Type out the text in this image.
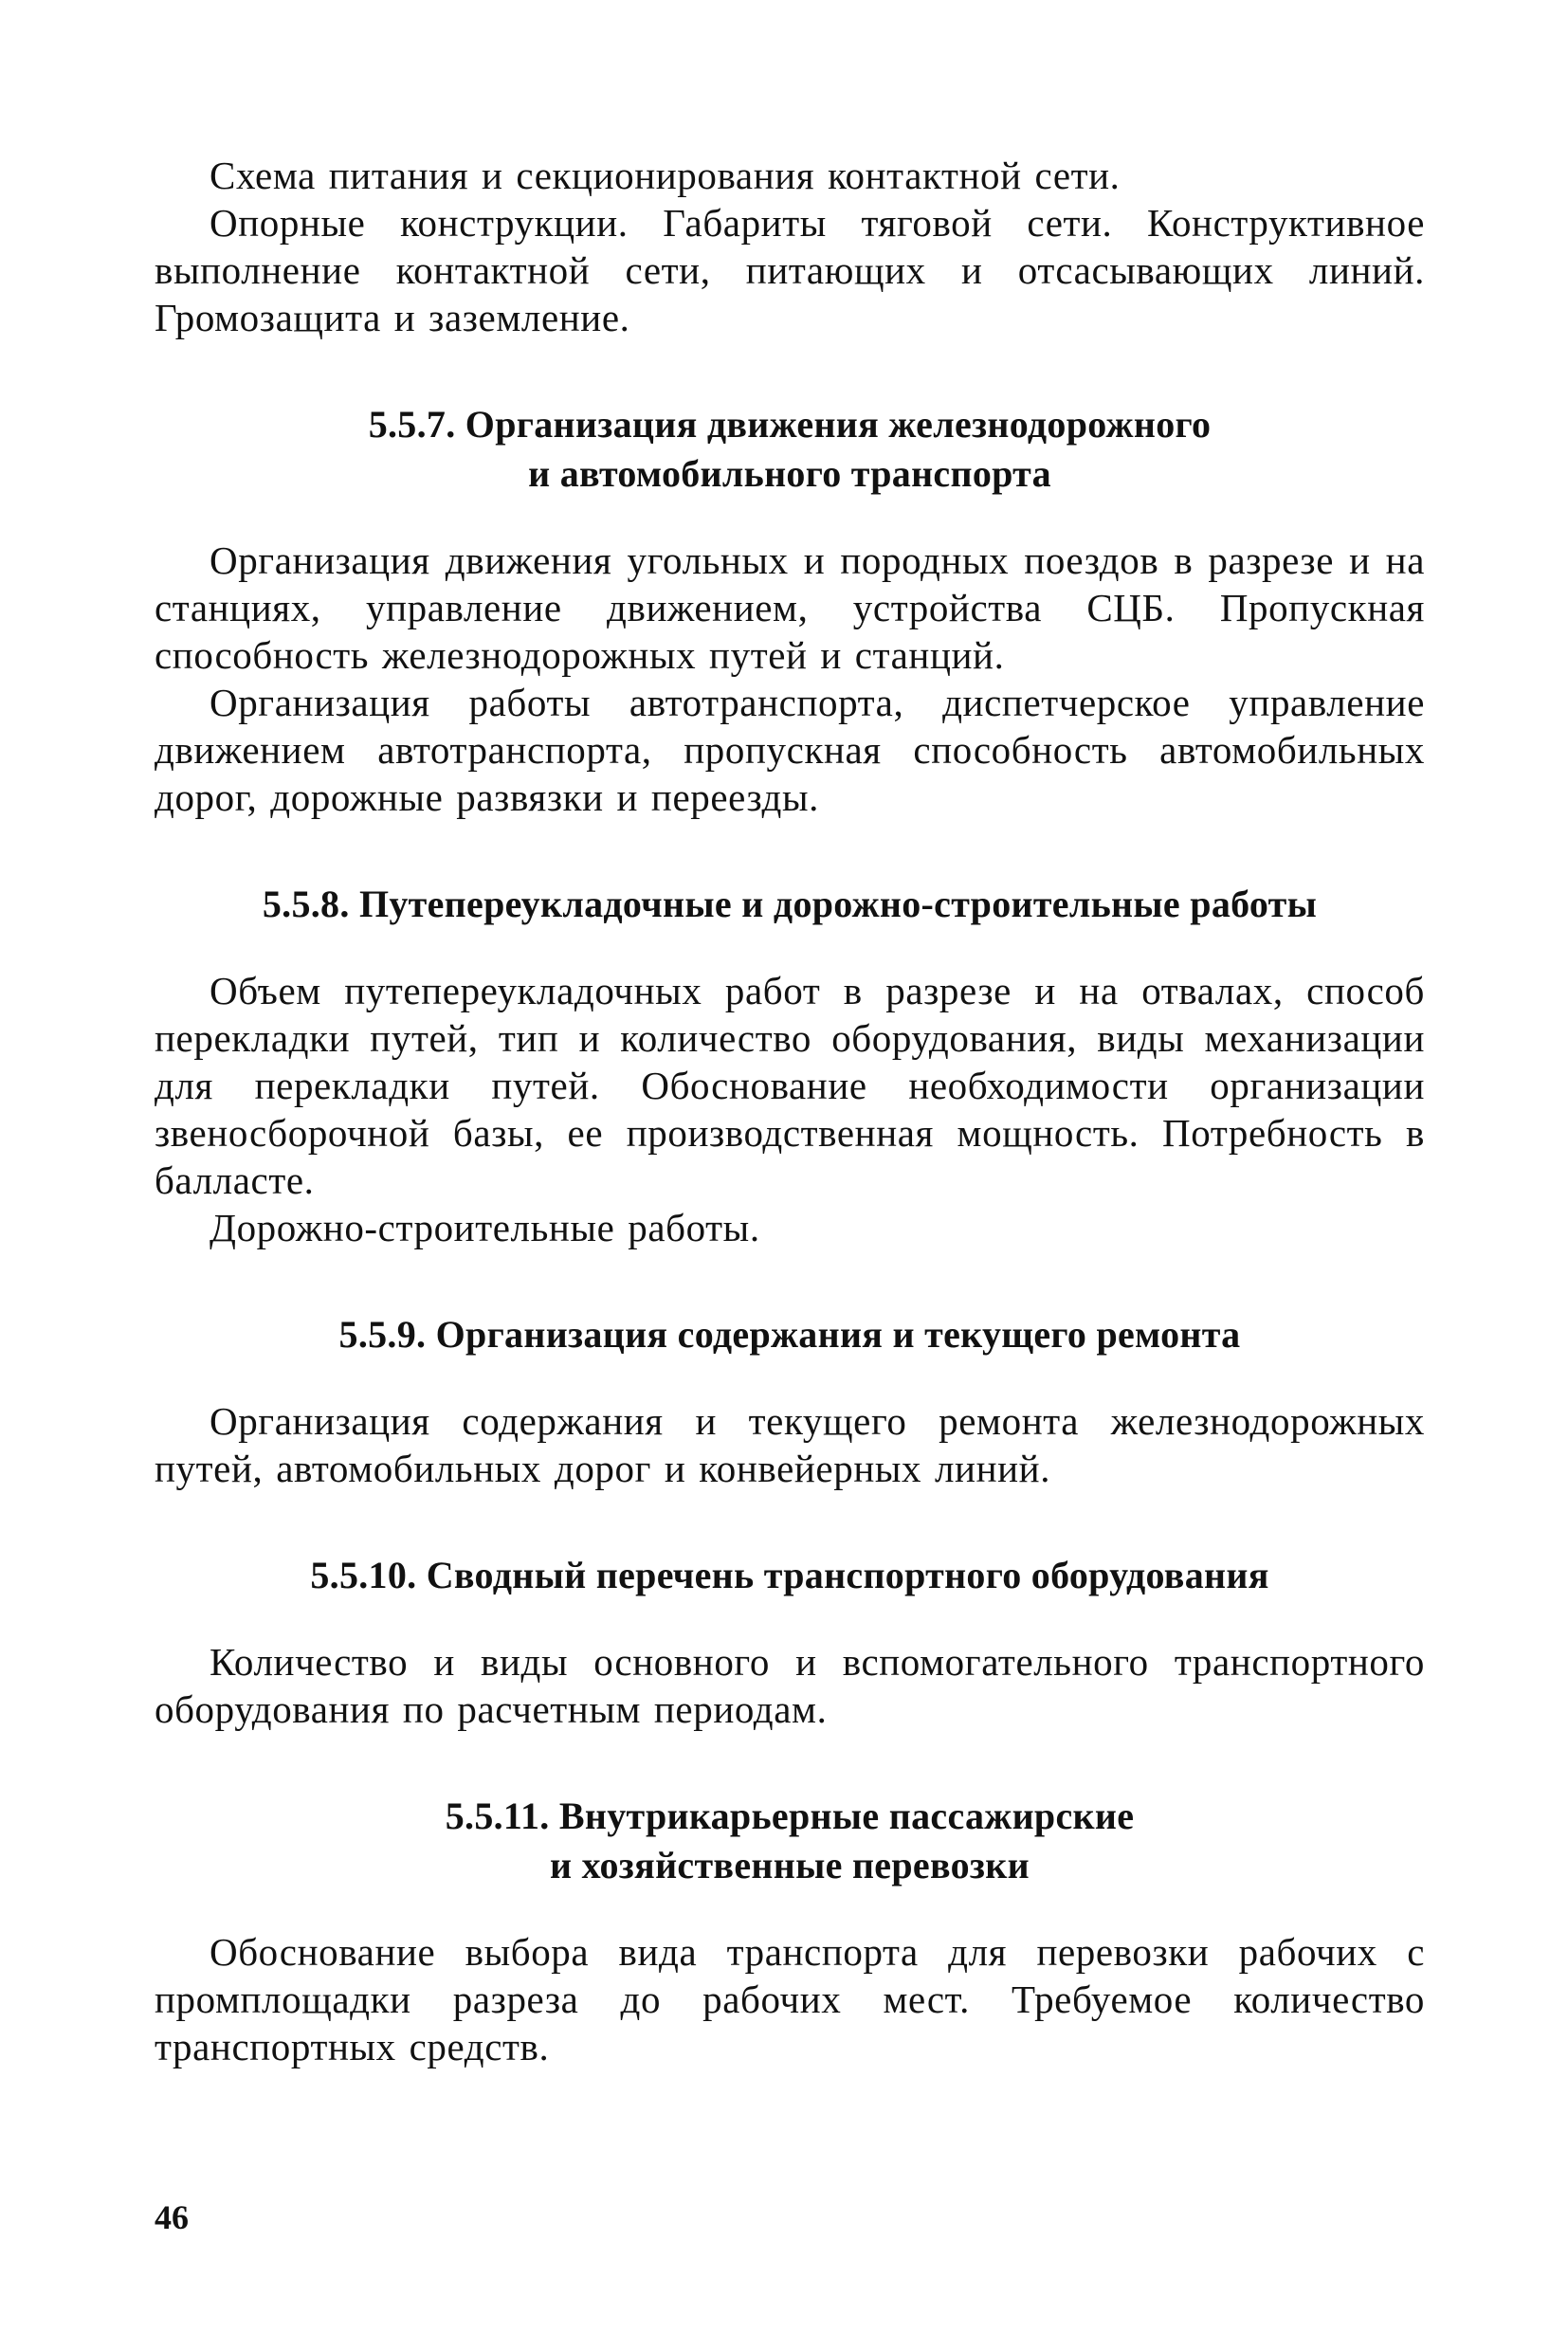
Схема питания и секционирования контактной сети.

Опорные конструкции. Габариты тяговой сети. Конструктивное выполнение контактной сети, питающих и отсасывающих линий. Громозащита и заземление.

5.5.7. Организация движения железнодорожного
и автомобильного транспорта

Организация движения угольных и породных поездов в разрезе и на станциях, управление движением, устройства СЦБ. Пропускная способность железнодорожных путей и станций.

Организация работы автотранспорта, диспетчерское управление движением автотранспорта, пропускная способность автомобильных дорог, дорожные развязки и переезды.

5.5.8. Путепереукладочные и дорожно-строительные работы

Объем путепереукладочных работ в разрезе и на отвалах, способ перекладки путей, тип и количество оборудования, виды механизации для перекладки путей. Обоснование необходимости организации звеносборочной базы, ее производственная мощность. Потребность в балласте.

Дорожно-строительные работы.

5.5.9. Организация содержания и текущего ремонта

Организация содержания и текущего ремонта железнодорожных путей, автомобильных дорог и конвейерных линий.

5.5.10. Сводный перечень транспортного оборудования

Количество и виды основного и вспомогательного транспортного оборудования по расчетным периодам.

5.5.11. Внутрикарьерные пассажирские
и хозяйственные перевозки

Обоснование выбора вида транспорта для перевозки рабочих с промплощадки разреза до рабочих мест. Требуемое количество транспортных средств.

46
